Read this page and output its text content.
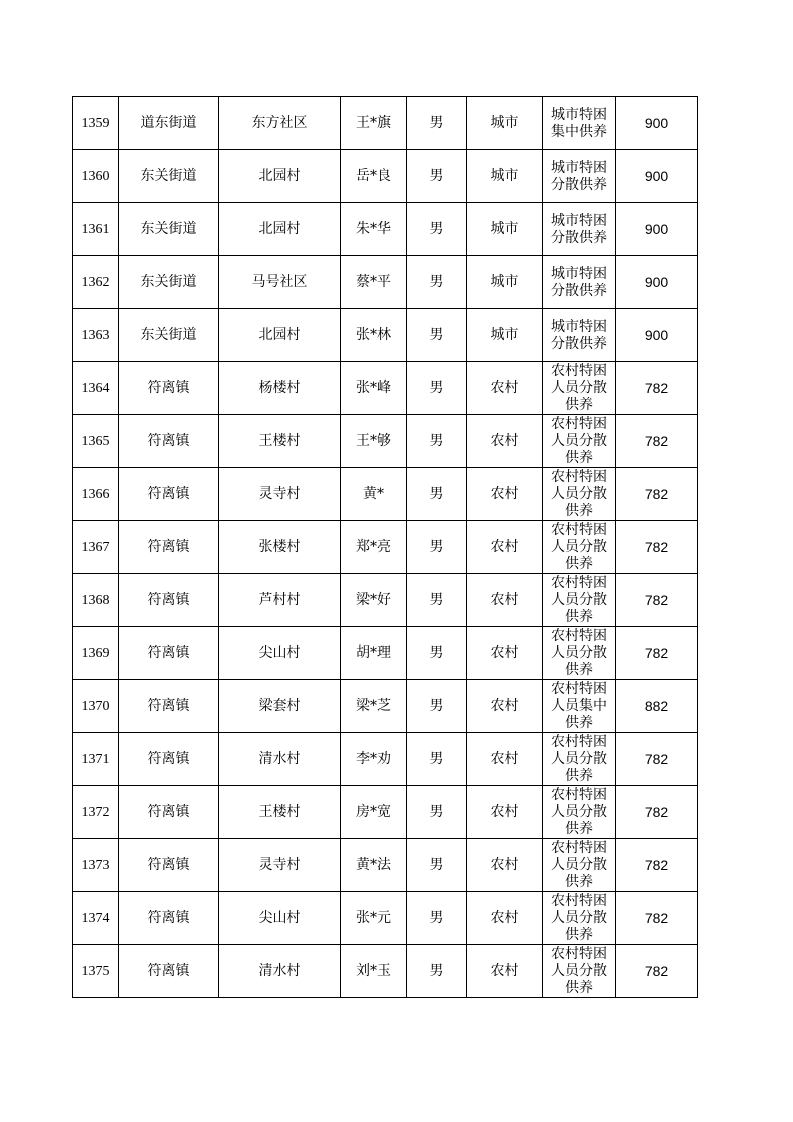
1359	道东街道	东方社区	王*旗	男	城市	城市特困集中供养	900
1360	东关街道	北园村	岳*良	男	城市	城市特困分散供养	900
1361	东关街道	北园村	朱*华	男	城市	城市特困分散供养	900
1362	东关街道	马号社区	蔡*平	男	城市	城市特困分散供养	900
1363	东关街道	北园村	张*林	男	城市	城市特困分散供养	900
1364	符离镇	杨楼村	张*峰	男	农村	农村特困人员分散供养	782
1365	符离镇	王楼村	王*够	男	农村	农村特困人员分散供养	782
1366	符离镇	灵寺村	黄*	男	农村	农村特困人员分散供养	782
1367	符离镇	张楼村	郑*亮	男	农村	农村特困人员分散供养	782
1368	符离镇	芦村村	梁*好	男	农村	农村特困人员分散供养	782
1369	符离镇	尖山村	胡*理	男	农村	农村特困人员分散供养	782
1370	符离镇	梁套村	梁*芝	男	农村	农村特困人员集中供养	882
1371	符离镇	清水村	李*劝	男	农村	农村特困人员分散供养	782
1372	符离镇	王楼村	房*宽	男	农村	农村特困人员分散供养	782
1373	符离镇	灵寺村	黄*法	男	农村	农村特困人员分散供养	782
1374	符离镇	尖山村	张*元	男	农村	农村特困人员分散供养	782
1375	符离镇	清水村	刘*玉	男	农村	农村特困人员分散供养	782
